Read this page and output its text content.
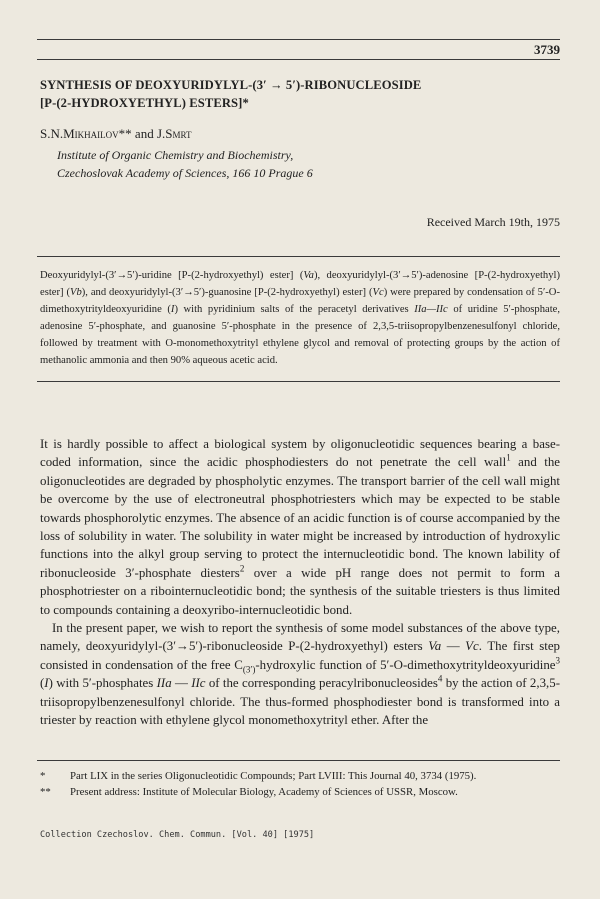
3739
SYNTHESIS OF DEOXYURIDYLYL-(3′ → 5′)-RIBONUCLEOSIDE
[P-(2-HYDROXYETHYL) ESTERS]*
S.N.Mikhailov** and J.Smrt
Institute of Organic Chemistry and Biochemistry,
Czechoslovak Academy of Sciences, 166 10 Prague 6
Received March 19th, 1975

Deoxyuridylyl-(3′→5′)-uridine [P-(2-hydroxyethyl) ester] (Va), deoxyuridylyl-(3′→5′)-adenosine [P-(2-hydroxyethyl) ester] (Vb), and deoxyuridylyl-(3′→5′)-guanosine [P-(2-hydroxyethyl) ester] (Vc) were prepared by condensation of 5′-O-dimethoxytrityldeoxyuridine (I) with pyridinium salts of the peracetyl derivatives IIa—IIc of uridine 5′-phosphate, adenosine 5′-phosphate, and guanosine 5′-phosphate in the presence of 2,3,5-triisopropylbenzenesulfonyl chloride, followed by treatment with O-monomethoxytrityl ethylene glycol and removal of protecting groups by the action of methanolic ammonia and then 90% aqueous acetic acid.

It is hardly possible to affect a biological system by oligonucleotidic sequences bearing a base-coded information, since the acidic phosphodiesters do not penetrate the cell wall$^1$ and the oligonucleotides are degraded by phospholytic enzymes. The transport barrier of the cell wall might be overcome by the use of electroneutral phosphotriesters which may be expected to be stable towards phosphorolytic enzymes. The absence of an acidic function is of course accompanied by the loss of solubility in water. The solubility in water might be increased by introduction of hydroxylic functions into the alkyl group serving to protect the internucleotidic bond. The known lability of ribonucleoside 3′-phosphate diesters$^2$ over a wide pH range does not permit to form a phosphotriester on a ribointernucleotidic bond; the synthesis of the suitable triesters is thus limited to compounds containing a deoxyribo-internucleotidic bond.

In the present paper, we wish to report the synthesis of some model substances of the above type, namely, deoxyuridylyl-(3′→5′)-ribonucleoside P-(2-hydroxyethyl) esters Va — Vc. The first step consisted in condensation of the free $C_{(3')}$-hydroxylic function of 5′-O-dimethoxytrityldeoxyuridine$^3$ (I) with 5′-phosphates IIa — IIc of the corresponding peracylribonucleosides$^4$ by the action of 2,3,5-triisopropylbenzenesulfonyl chloride. The thus-formed phosphodiester bond is transformed into a triester by reaction with ethylene glycol monomethoxytrityl ether. After the

*	Part LIX in the series Oligonucleotidic Compounds; Part LVIII: This Journal 40, 3734 (1975).
**	Present address: Institute of Molecular Biology, Academy of Sciences of USSR, Moscow.
Collection Czechoslov. Chem. Commun. [Vol. 40] [1975]
